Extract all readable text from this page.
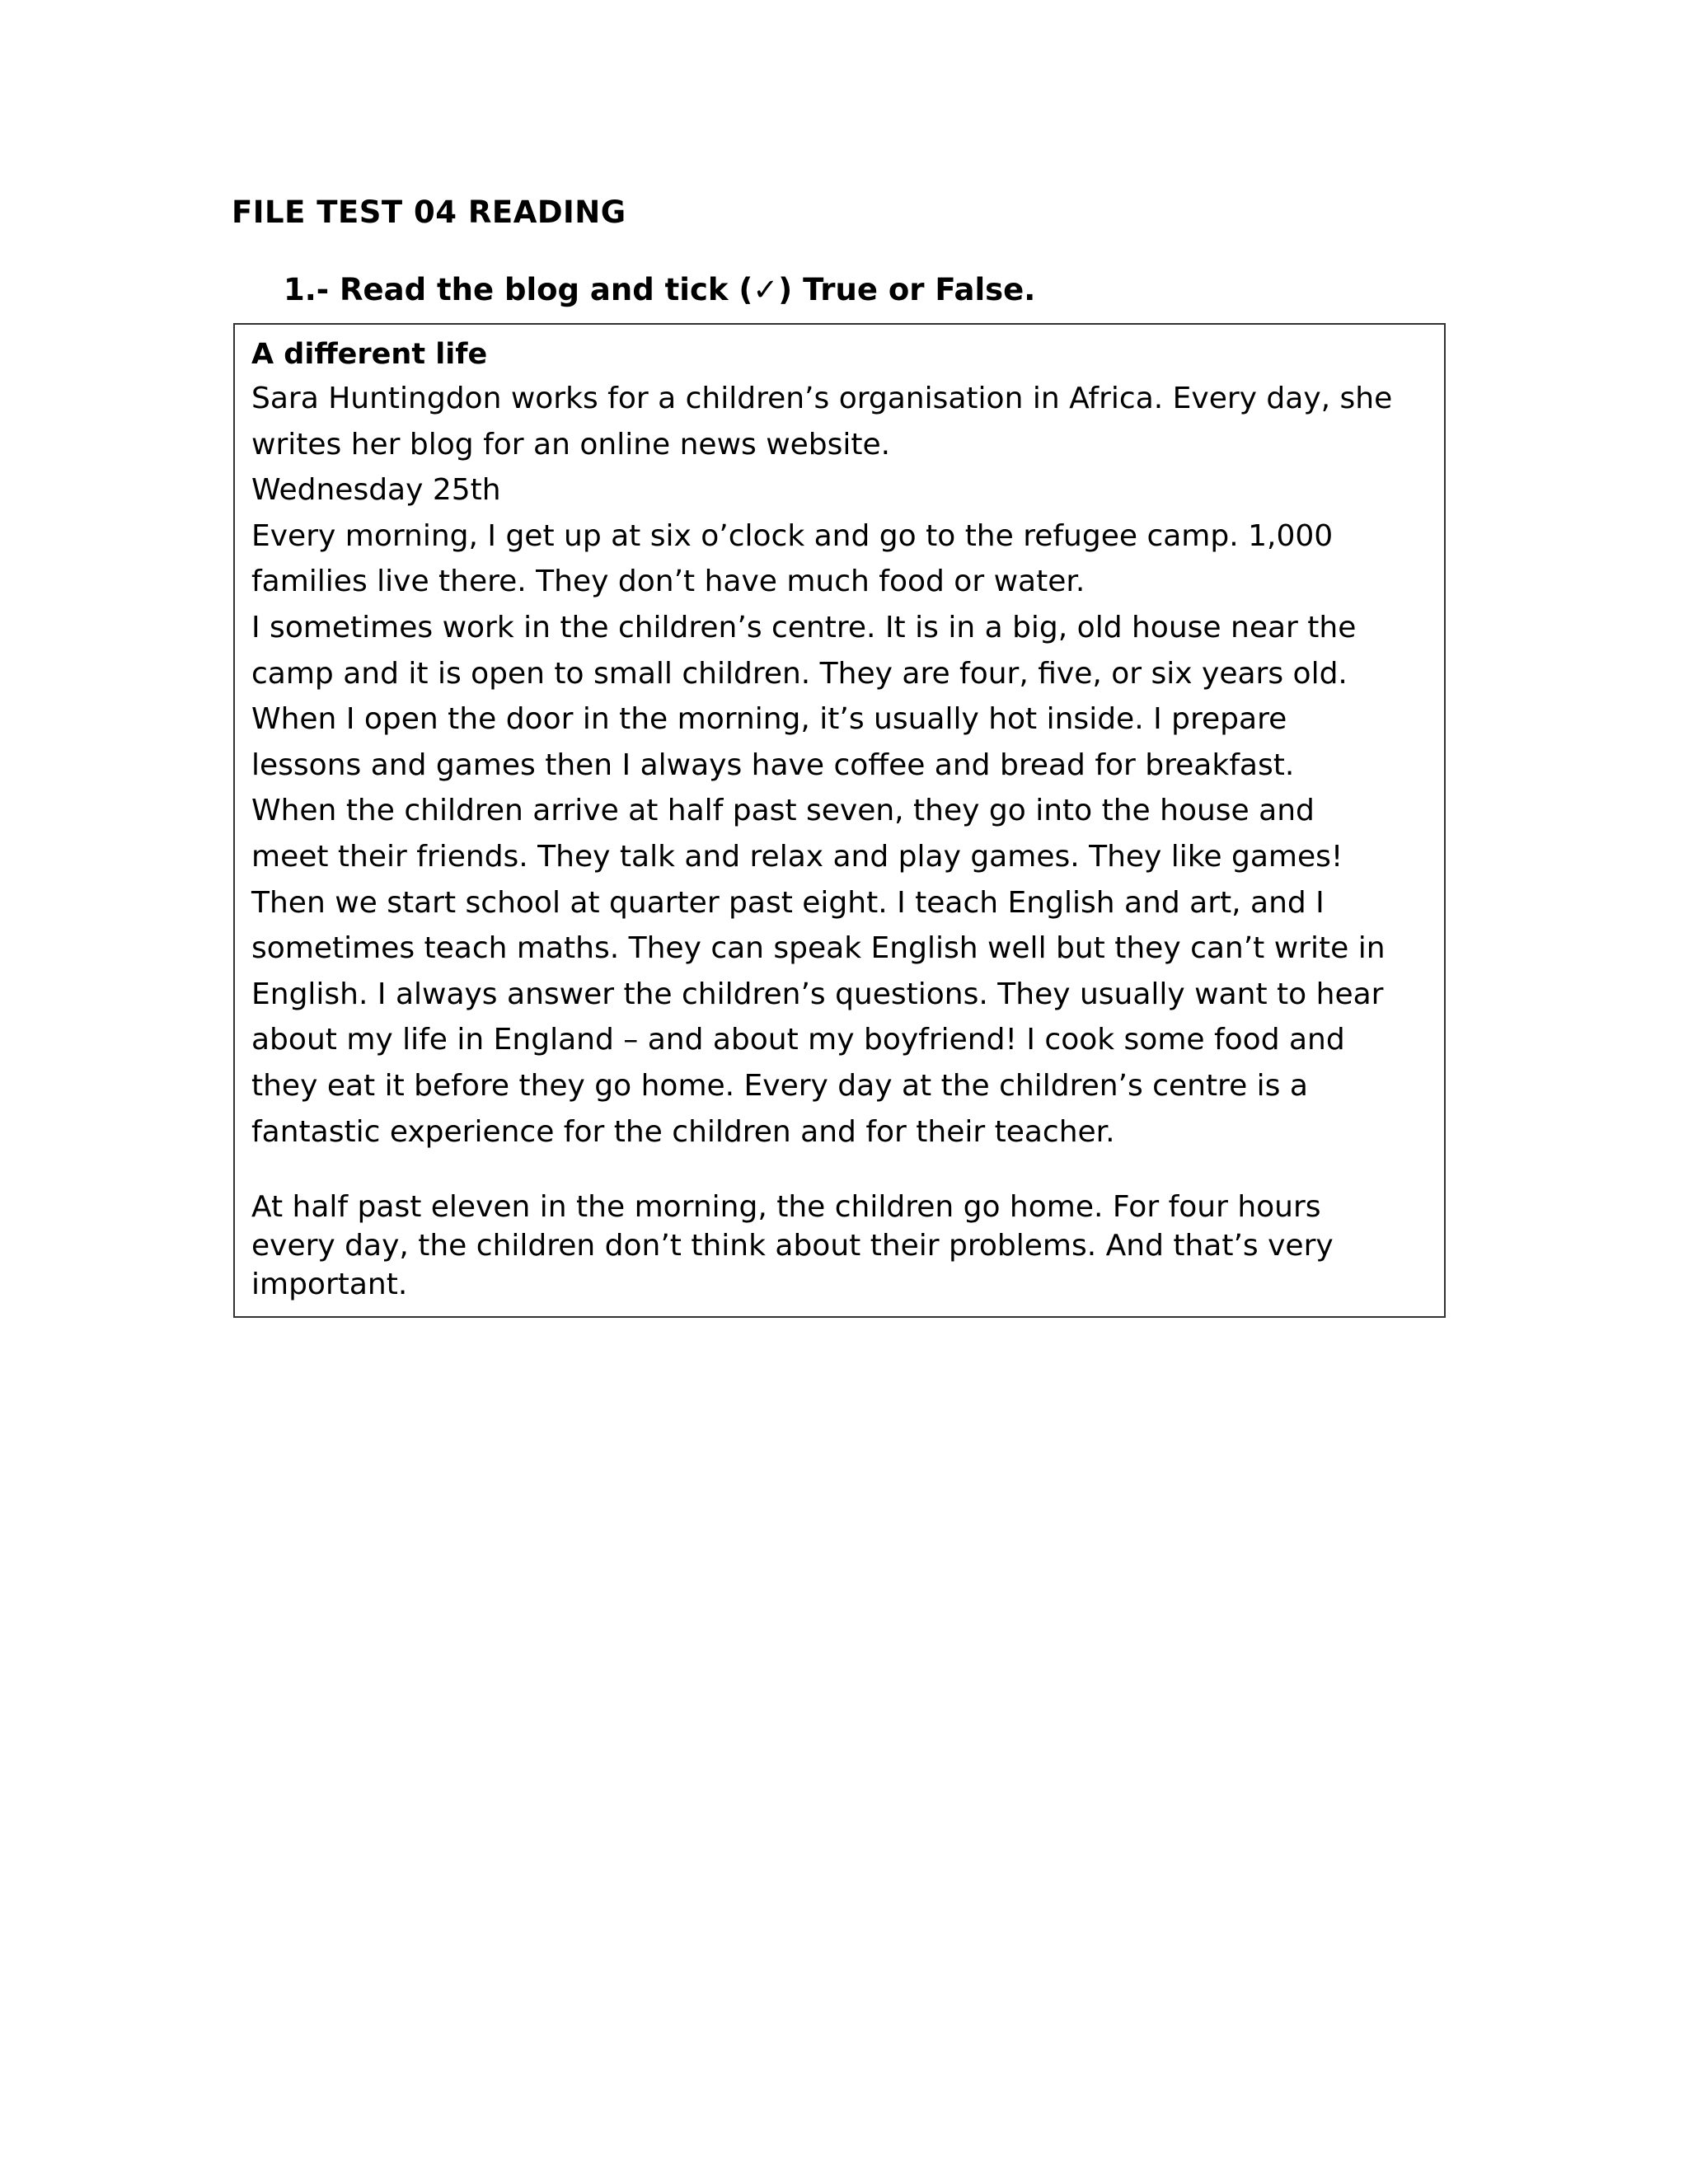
FILE TEST 04 READING
1.- Read the blog and tick (✓) True or False.

A different life

Sara Huntingdon works for a children’s organisation in Africa. Every day, she
writes her blog for an online news website.

Wednesday 25th

Every morning, I get up at six o’clock and go to the refugee camp. 1,000
families live there. They don’t have much food or water.
I sometimes work in the children’s centre. It is in a big, old house near the
camp and it is open to small children. They are four, five, or six years old.
When I open the door in the morning, it’s usually hot inside. I prepare
lessons and games then I always have coffee and bread for breakfast.
When the children arrive at half past seven, they go into the house and
meet their friends. They talk and relax and play games. They like games!
Then we start school at quarter past eight. I teach English and art, and I
sometimes teach maths. They can speak English well but they can’t write in
English. I always answer the children’s questions. They usually want to hear
about my life in England – and about my boyfriend! I cook some food and
they eat it before they go home. Every day at the children’s centre is a
fantastic experience for the children and for their teacher.

At half past eleven in the morning, the children go home. For four hours
every day, the children don’t think about their problems. And that’s very
important.
